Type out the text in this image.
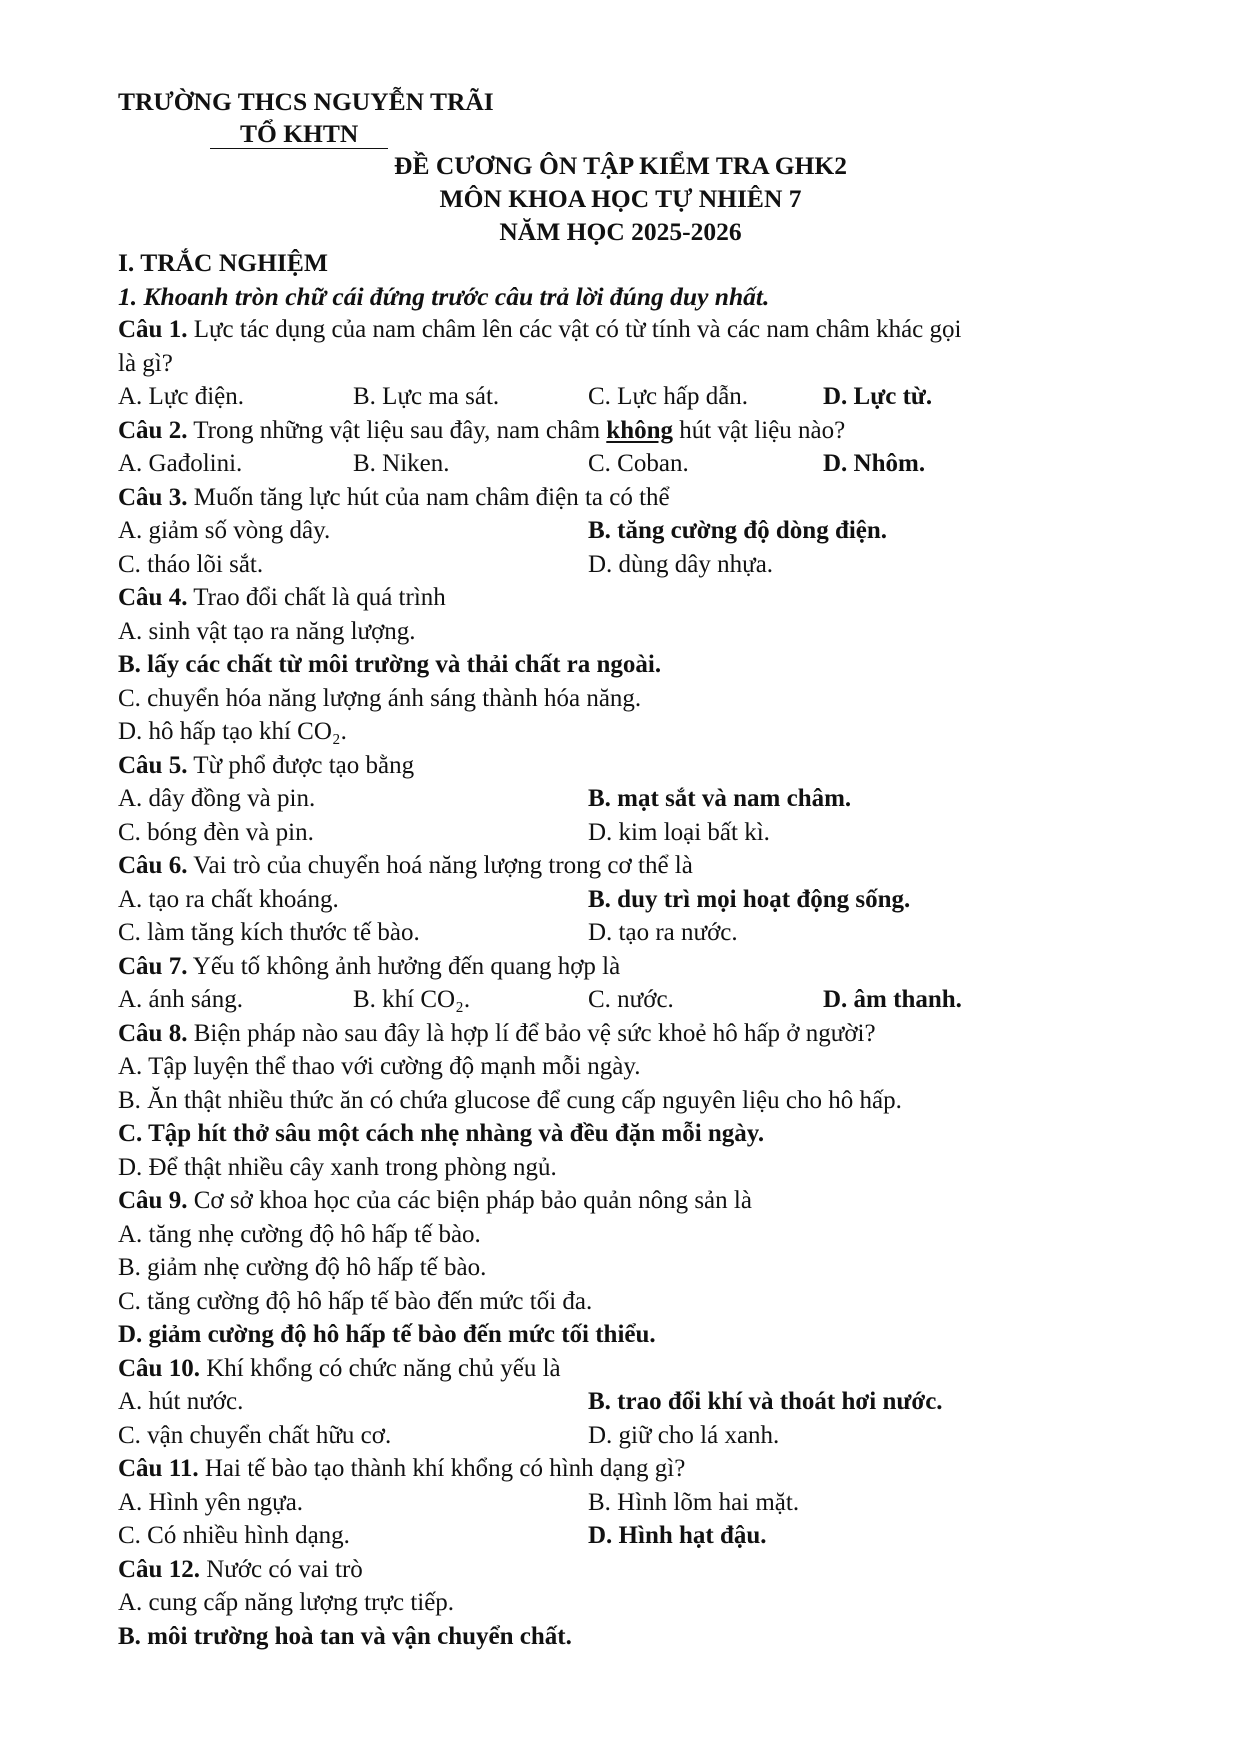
TRƯỜNG THCS NGUYỄN TRÃI
TỔ KHTN
ĐỀ CƯƠNG ÔN TẬP KIỂM TRA GHK2
MÔN KHOA HỌC TỰ NHIÊN 7
NĂM HỌC 2025-2026
I. TRẮC NGHIỆM
1. Khoanh tròn chữ cái đứng trước câu trả lời đúng duy nhất.
Câu 1. Lực tác dụng của nam châm lên các vật có từ tính và các nam châm khác gọi
là gì?
A. Lực điện.	B. Lực ma sát.	C. Lực hấp dẫn.	D. Lực từ.
Câu 2. Trong những vật liệu sau đây, nam châm không hút vật liệu nào?
A. Gađolini.	B. Niken.	C. Coban.	D. Nhôm.
Câu 3. Muốn tăng lực hút của nam châm điện ta có thể
A. giảm số vòng dây.	B. tăng cường độ dòng điện.
C. tháo lõi sắt.	D. dùng dây nhựa.
Câu 4. Trao đổi chất là quá trình
A. sinh vật tạo ra năng lượng.
B. lấy các chất từ môi trường và thải chất ra ngoài.
C. chuyển hóa năng lượng ánh sáng thành hóa năng.
D. hô hấp tạo khí CO₂.
Câu 5. Từ phổ được tạo bằng
A. dây đồng và pin.	B. mạt sắt và nam châm.
C. bóng đèn và pin.	D. kim loại bất kì.
Câu 6. Vai trò của chuyển hoá năng lượng trong cơ thể là
A. tạo ra chất khoáng.	B. duy trì mọi hoạt động sống.
C. làm tăng kích thước tế bào.	D. tạo ra nước.
Câu 7. Yếu tố không ảnh hưởng đến quang hợp là
A. ánh sáng.	B. khí CO₂.	C. nước.	D. âm thanh.
Câu 8. Biện pháp nào sau đây là hợp lí để bảo vệ sức khoẻ hô hấp ở người?
A. Tập luyện thể thao với cường độ mạnh mỗi ngày.
B. Ăn thật nhiều thức ăn có chứa glucose để cung cấp nguyên liệu cho hô hấp.
C. Tập hít thở sâu một cách nhẹ nhàng và đều đặn mỗi ngày.
D. Để thật nhiều cây xanh trong phòng ngủ.
Câu 9. Cơ sở khoa học của các biện pháp bảo quản nông sản là
A. tăng nhẹ cường độ hô hấp tế bào.
B. giảm nhẹ cường độ hô hấp tế bào.
C. tăng cường độ hô hấp tế bào đến mức tối đa.
D. giảm cường độ hô hấp tế bào đến mức tối thiểu.
Câu 10. Khí khổng có chức năng chủ yếu là
A. hút nước.	B. trao đổi khí và thoát hơi nước.
C. vận chuyển chất hữu cơ.	D. giữ cho lá xanh.
Câu 11. Hai tế bào tạo thành khí khổng có hình dạng gì?
A. Hình yên ngựa.	B. Hình lõm hai mặt.
C. Có nhiều hình dạng.	D. Hình hạt đậu.
Câu 12. Nước có vai trò
A. cung cấp năng lượng trực tiếp.
B. môi trường hoà tan và vận chuyển chất.
